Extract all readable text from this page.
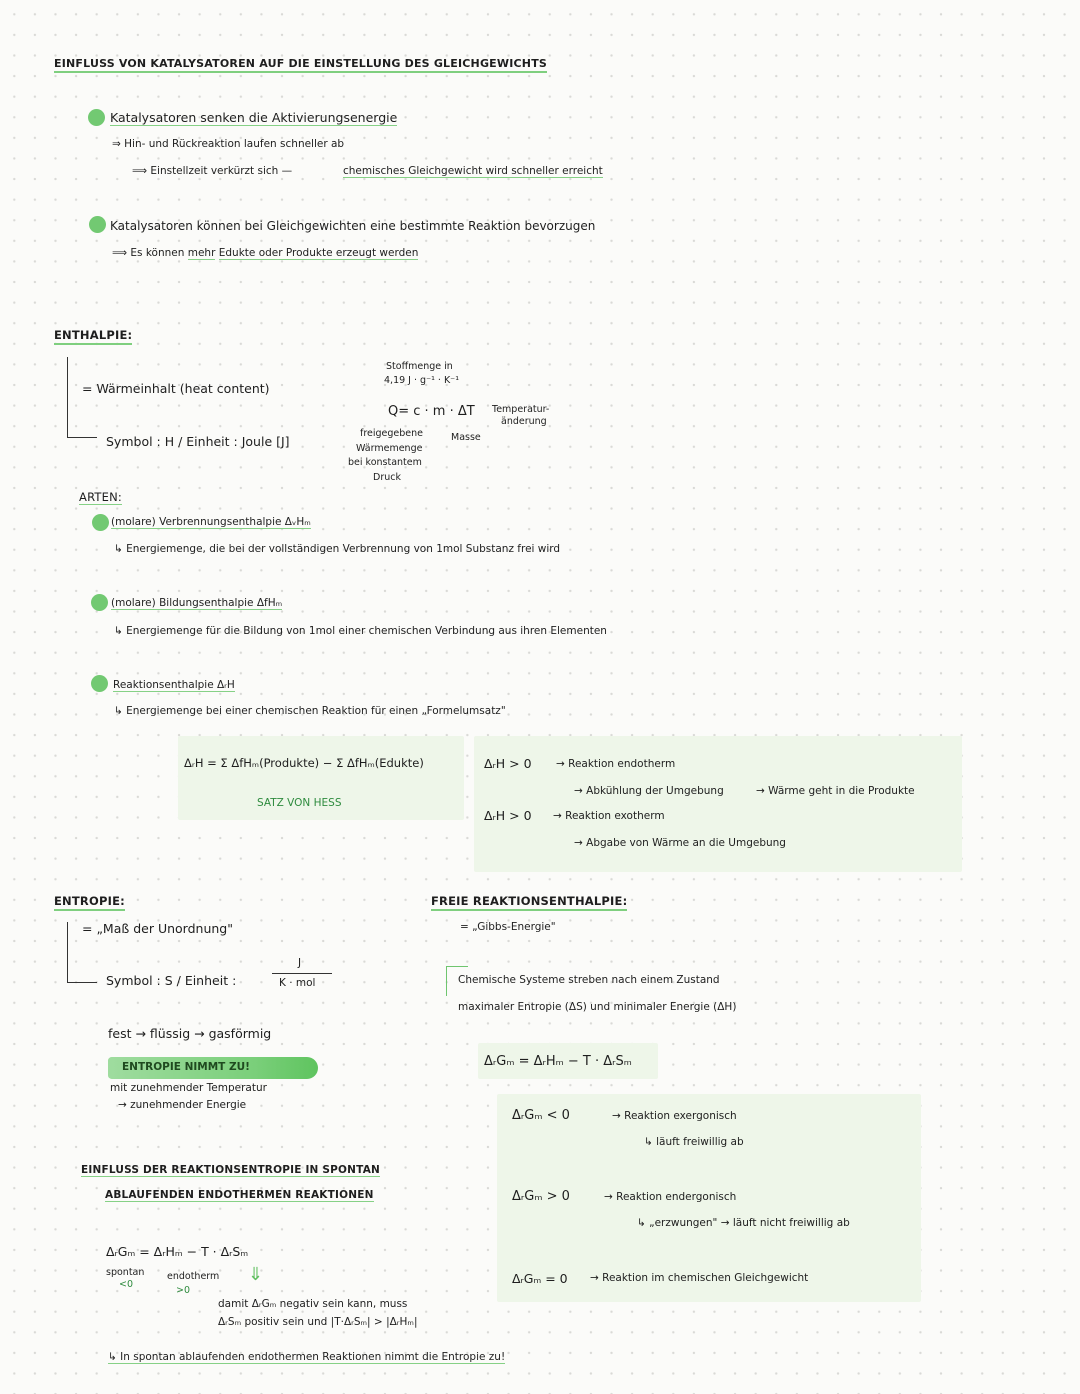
EINFLUSS VON KATALYSATOREN AUF DIE EINSTELLUNG DES GLEICHGEWICHTS
Katalysatoren senken die Aktivierungsenergie
⇒ Hin- und Rückreaktion laufen schneller ab
⟹ Einstellzeit verkürzt sich —	chemisches Gleichgewicht wird schneller erreicht
Katalysatoren können bei Gleichgewichten eine bestimmte Reaktion bevorzugen
⟹ Es können mehr Edukte oder Produkte erzeugt werden
ENTHALPIE:
= Wärmeinhalt (heat content)
Symbol : H / Einheit : Joule [J]
Stoffmenge in
4,19 J · g⁻¹ · K⁻¹
Q= c · m · ΔT Temperatur-
änderung
Masse
freigegebene
Wärmemenge
bei konstantem
Druck
ARTEN:
(molare) Verbrennungsenthalpie ΔᵥHₘ
↳ Energiemenge, die bei der vollständigen Verbrennung von 1mol Substanz frei wird
(molare) Bildungsenthalpie ΔfHₘ
↳ Energiemenge für die Bildung von 1mol einer chemischen Verbindung aus ihren Elementen
Reaktionsenthalpie ΔᵣH
↳ Energiemenge bei einer chemischen Reaktion für einen „Formelumsatz"
ΔᵣH = Σ ΔfHₘ(Produkte) − Σ ΔfHₘ(Edukte)
SATZ VON HESS
ΔᵣH > 0 → Reaktion endotherm
→ Abkühlung der Umgebung	→ Wärme geht in die Produkte
ΔᵣH > 0 → Reaktion exotherm
→ Abgabe von Wärme an die Umgebung
ENTROPIE:
= „Maß der Unordnung"
Symbol : S / Einheit :
J
K · mol
fest → flüssig → gasförmig
ENTROPIE NIMMT ZU!
mit zunehmender Temperatur
→ zunehmender Energie
EINFLUSS DER REAKTIONSENTROPIE IN SPONTAN
ABLAUFENDEN ENDOTHERMEN REAKTIONEN
ΔᵣGₘ = ΔᵣHₘ − T · ΔᵣSₘ
spontan
<0
endotherm
>0
⇓
damit ΔᵣGₘ negativ sein kann, muss
ΔᵣSₘ positiv sein und |T·ΔᵣSₘ| > |ΔᵣHₘ|
↳ In spontan ablaufenden endothermen Reaktionen nimmt die Entropie zu!
FREIE REAKTIONSENTHALPIE:
= „Gibbs-Energie"
Chemische Systeme streben nach einem Zustand
maximaler Entropie (ΔS) und minimaler Energie (ΔH)
ΔᵣGₘ = ΔᵣHₘ − T · ΔᵣSₘ
ΔᵣGₘ < 0	→ Reaktion exergonisch
↳ läuft freiwillig ab
ΔᵣGₘ > 0	→ Reaktion endergonisch
↳ „erzwungen" → läuft nicht freiwillig ab
ΔᵣGₘ = 0 → Reaktion im chemischen Gleichgewicht
